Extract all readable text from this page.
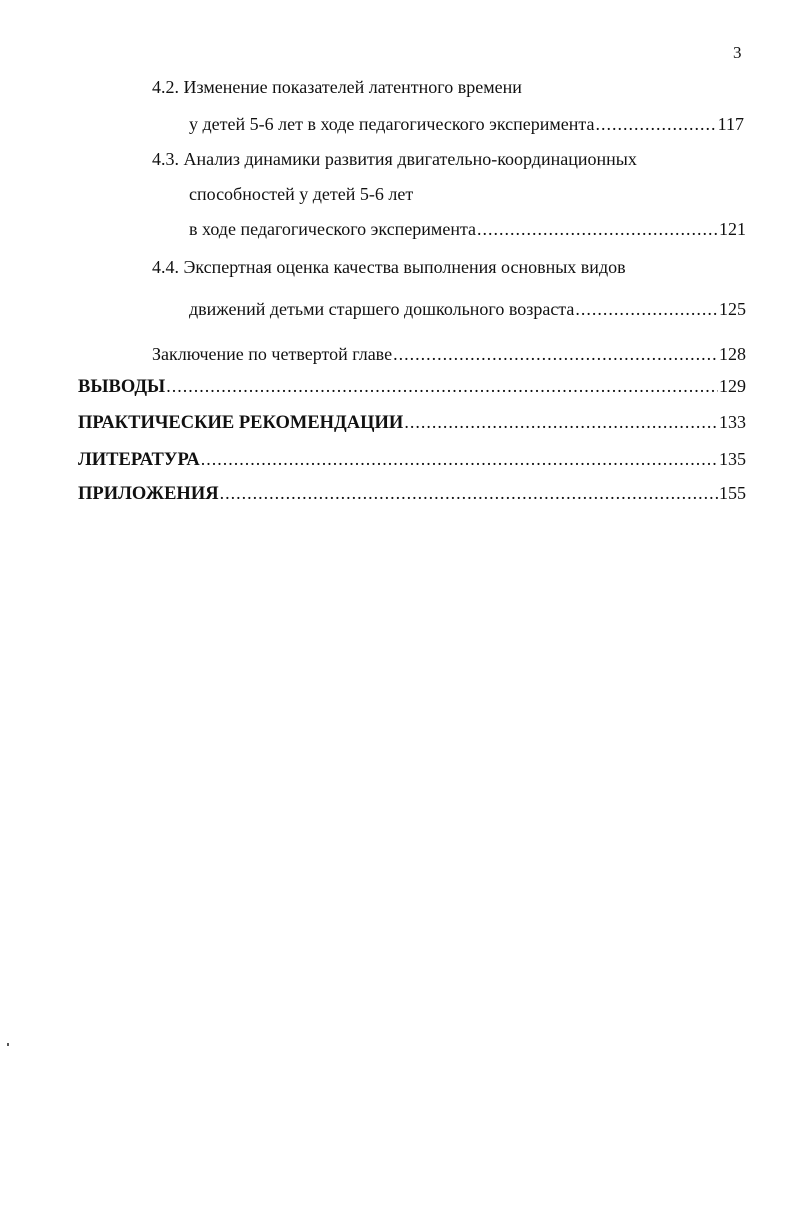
3
4.2. Изменение показателей латентного времени
у детей 5-6 лет в ходе педагогического эксперимента .....	117
4.3. Анализ динамики развития двигательно-координационных
способностей у детей 5-6 лет
в ходе педагогического эксперимента .....	121
4.4. Экспертная оценка качества выполнения основных видов
движений детьми старшего дошкольного возраста .....	125
Заключение по четвертой главе .....	128
ВЫВОДЫ .....	129
ПРАКТИЧЕСКИЕ РЕКОМЕНДАЦИИ .....	133
ЛИТЕРАТУРА .....	135
ПРИЛОЖЕНИЯ .....	155
